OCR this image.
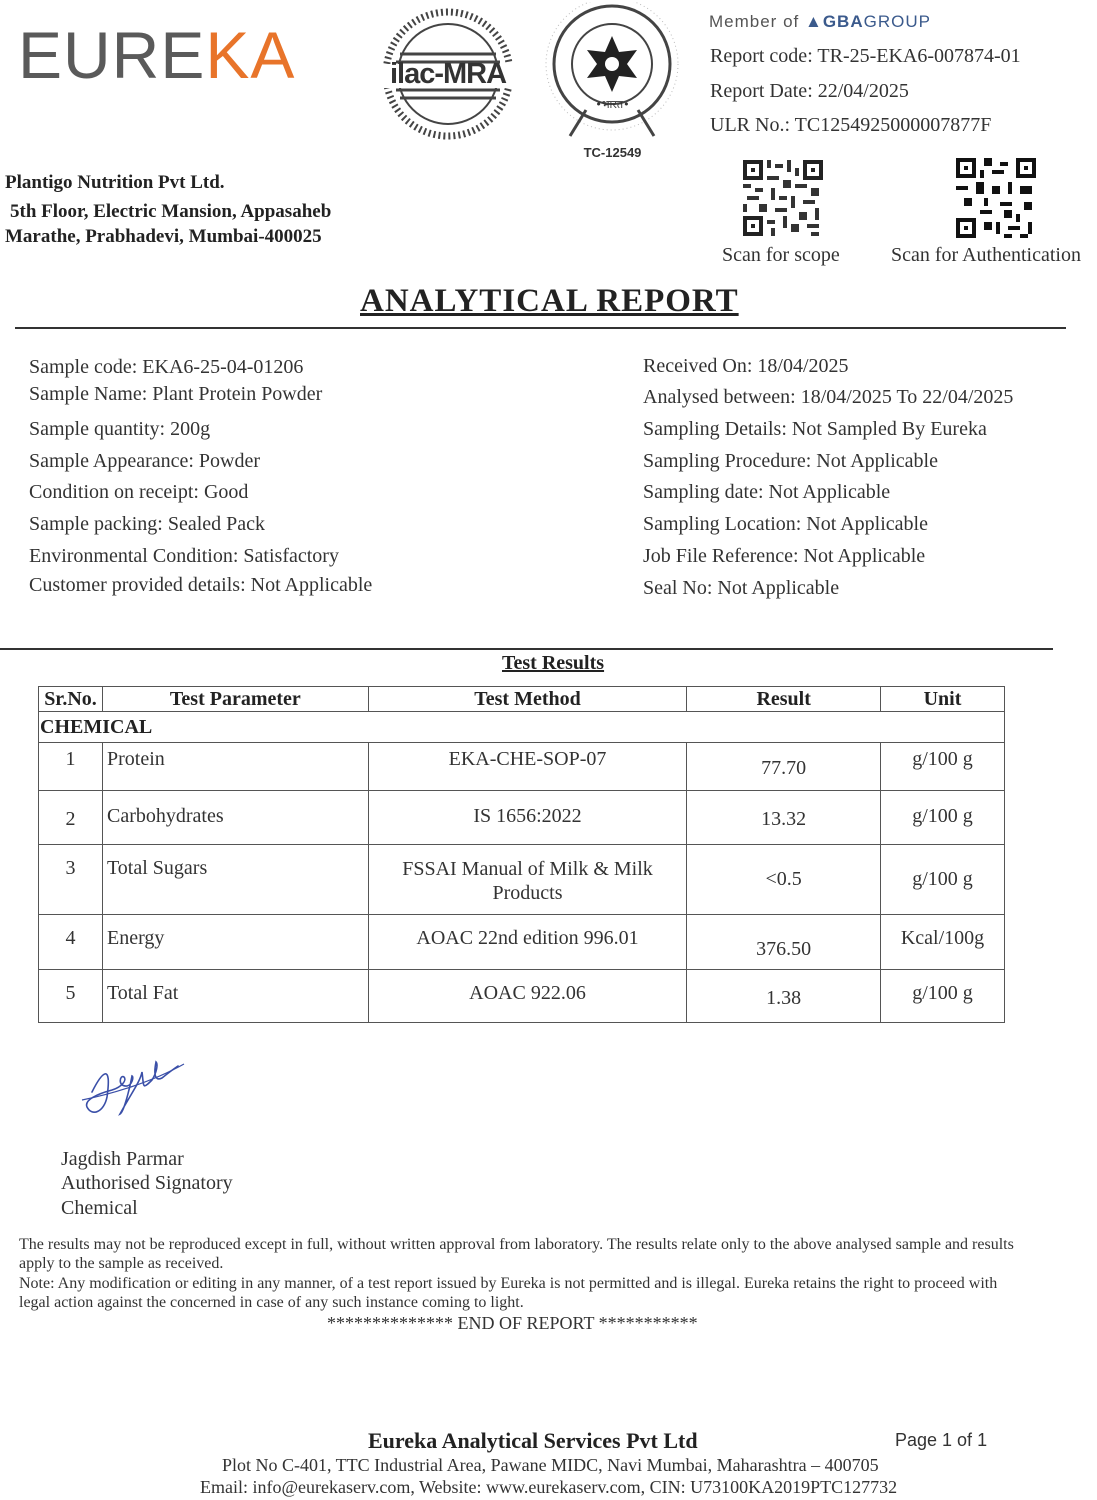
EUREKA	ilac-MRA
•भारत•
TC-12549
Member of ▲GBAGROUP
Report code: TR-25-EKA6-007874-01
Report Date: 22/04/2025
ULR No.: TC1254925000007877F
Plantigo Nutrition Pvt Ltd.
5th Floor, Electric Mansion, Appasaheb
Marathe, Prabhadevi, Mumbai-400025
Scan for scope	Scan for Authentication
ANALYTICAL REPORT
Sample code: EKA6-25-04-01206
Sample Name: Plant Protein Powder
Sample quantity: 200g
Sample Appearance: Powder
Condition on receipt: Good
Sample packing: Sealed Pack
Environmental Condition: Satisfactory
Customer provided details: Not Applicable
Received On: 18/04/2025
Analysed between: 18/04/2025 To 22/04/2025
Sampling Details: Not Sampled By Eureka
Sampling Procedure: Not Applicable
Sampling date: Not Applicable
Sampling Location: Not Applicable
Job File Reference: Not Applicable
Seal No: Not Applicable
Test Results
Sr.No.	Test Parameter	Test Method	Result	Unit
CHEMICAL				
1	Protein	EKA-CHE-SOP-07	77.70	g/100 g
2	Carbohydrates	IS 1656:2022	13.32	g/100 g
3	Total Sugars	FSSAI Manual of Milk & Milk Products	<0.5	g/100 g
4	Energy	AOAC 22nd edition 996.01	376.50	Kcal/100g
5	Total Fat	AOAC 922.06	1.38	g/100 g
Jagdish Parmar
Authorised Signatory
Chemical
The results may not be reproduced except in full, without written approval from laboratory. The results relate only to the above analysed sample and results apply to the sample as received.
Note: Any modification or editing in any manner, of a test report issued by Eureka is not permitted and is illegal. Eureka retains the right to proceed with legal action against the concerned in case of any such instance coming to light.
************** END OF REPORT ***********
Eureka Analytical Services Pvt Ltd	Page 1 of 1
Plot No C-401, TTC Industrial Area, Pawane MIDC, Navi Mumbai, Maharashtra – 400705
Email: info@eurekaserv.com, Website: www.eurekaserv.com, CIN: U73100KA2019PTC127732
